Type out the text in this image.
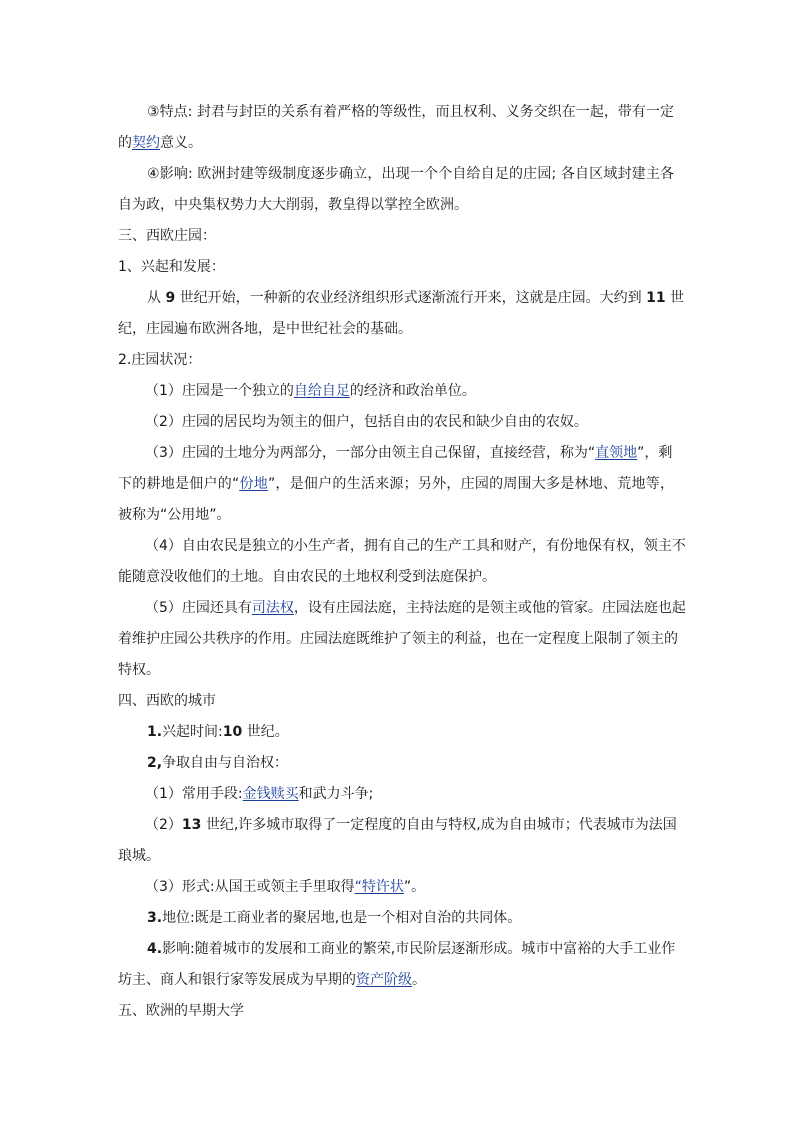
③特点: 封君与封臣的关系有着严格的等级性，而且权利、义务交织在一起，带有一定
的契约意义。
④影响: 欧洲封建等级制度逐步确立，出现一个个自给自足的庄园; 各自区域封建主各
自为政，中央集权势力大大削弱，教皇得以掌控全欧洲。
三、西欧庄园：
1、兴起和发展：
从 9 世纪开始，一种新的农业经济组织形式逐渐流行开来，这就是庄园。大约到 11 世
纪，庄园遍布欧洲各地，是中世纪社会的基础。
2.庄园状况：
（1）庄园是一个独立的自给自足的经济和政治单位。
（2）庄园的居民均为领主的佃户，包括自由的农民和缺少自由的农奴。
（3）庄园的土地分为两部分，一部分由领主自己保留，直接经营，称为“直领地”，剩
下的耕地是佃户的“份地”，是佃户的生活来源；另外，庄园的周围大多是林地、荒地等，
被称为“公用地”。
（4）自由农民是独立的小生产者，拥有自己的生产工具和财产，有份地保有权，领主不
能随意没收他们的土地。自由农民的土地权利受到法庭保护。
（5）庄园还具有司法权，设有庄园法庭，主持法庭的是领主或他的管家。庄园法庭也起
着维护庄园公共秩序的作用。庄园法庭既维护了领主的利益，也在一定程度上限制了领主的
特权。
四、西欧的城市
1.兴起时间:10 世纪。
2,争取自由与自治权：
（1）常用手段:金钱赎买和武力斗争;
（2）13 世纪,许多城市取得了一定程度的自由与特权,成为自由城市；代表城市为法国
琅城。
（3）形式:从国王或领主手里取得“特许状”。
3.地位:既是工商业者的聚居地,也是一个相对自治的共同体。
4.影响:随着城市的发展和工商业的繁荣,市民阶层逐渐形成。城市中富裕的大手工业作
坊主、商人和银行家等发展成为早期的资产阶级。
五、欧洲的早期大学
